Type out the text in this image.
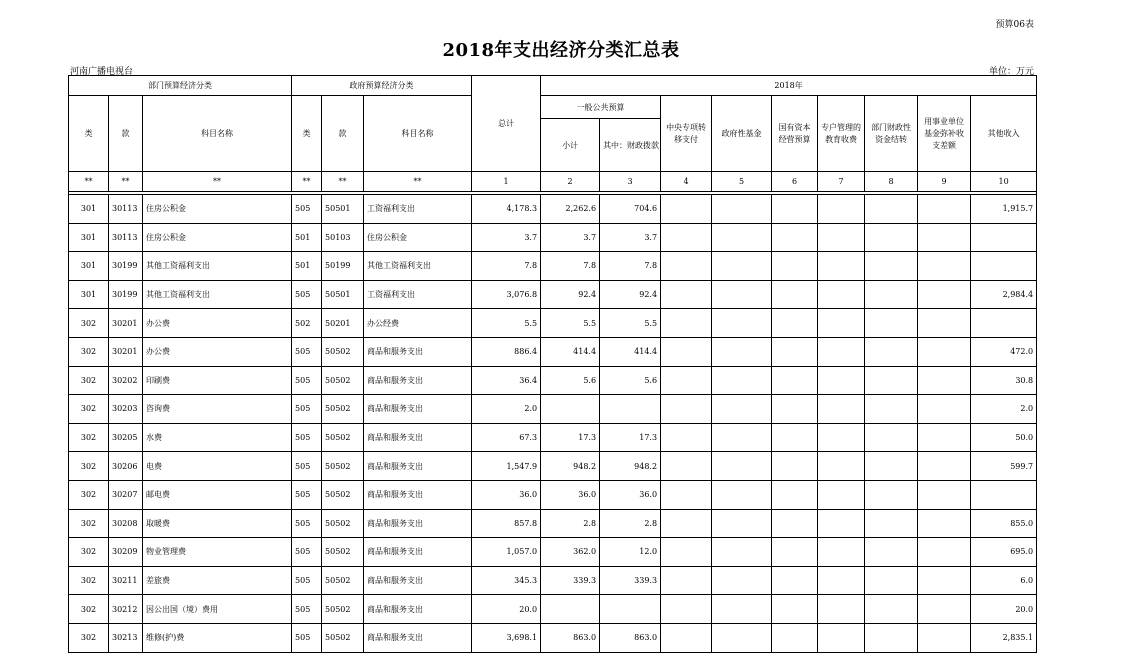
预算06表
2018年支出经济分类汇总表
河南广播电视台	单位：万元
部门预算经济分类			政府预算经济分类			总计	2018年								
类	款	科目名称	类	款	科目名称		一般公共预算		中央专项转移支付	政府性基金	国有资本经营预算	专户管理的教育收费	部门财政性资金结转	用事业单位基金弥补收支差额	其他收入
							小计	其中：财政拨款							
**	**	**	**	**	**	1	2	3	4	5	6	7	8	9	10

301	30113	住房公积金	505	50501	工资福利支出	4,178.3	2,262.6	704.6							1,915.7
301	30113	住房公积金	501	50103	住房公积金	3.7	3.7	3.7							
301	30199	其他工资福利支出	501	50199	其他工资福利支出	7.8	7.8	7.8							
301	30199	其他工资福利支出	505	50501	工资福利支出	3,076.8	92.4	92.4							2,984.4
302	30201	办公费	502	50201	办公经费	5.5	5.5	5.5							
302	30201	办公费	505	50502	商品和服务支出	886.4	414.4	414.4							472.0
302	30202	印刷费	505	50502	商品和服务支出	36.4	5.6	5.6							30.8
302	30203	咨询费	505	50502	商品和服务支出	2.0									2.0
302	30205	水费	505	50502	商品和服务支出	67.3	17.3	17.3							50.0
302	30206	电费	505	50502	商品和服务支出	1,547.9	948.2	948.2							599.7
302	30207	邮电费	505	50502	商品和服务支出	36.0	36.0	36.0							
302	30208	取暖费	505	50502	商品和服务支出	857.8	2.8	2.8							855.0
302	30209	物业管理费	505	50502	商品和服务支出	1,057.0	362.0	12.0							695.0
302	30211	差旅费	505	50502	商品和服务支出	345.3	339.3	339.3							6.0
302	30212	因公出国（境）费用	505	50502	商品和服务支出	20.0									20.0
302	30213	维修(护)费	505	50502	商品和服务支出	3,698.1	863.0	863.0							2,835.1
